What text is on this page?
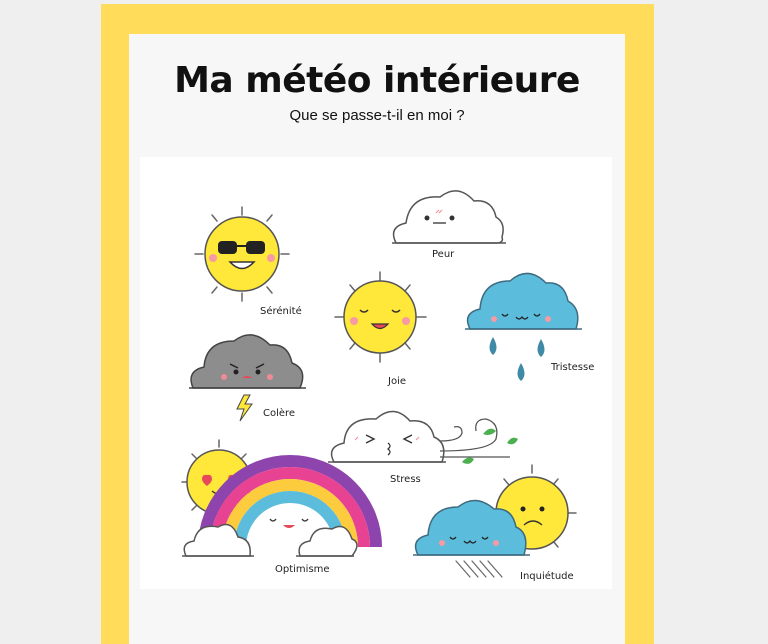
Ma météo intérieure
Que se passe-t-il en moi ?
Sérénité
Peur
Joie
Tristesse
Colère
Stress
Optimisme
Inquiétude
